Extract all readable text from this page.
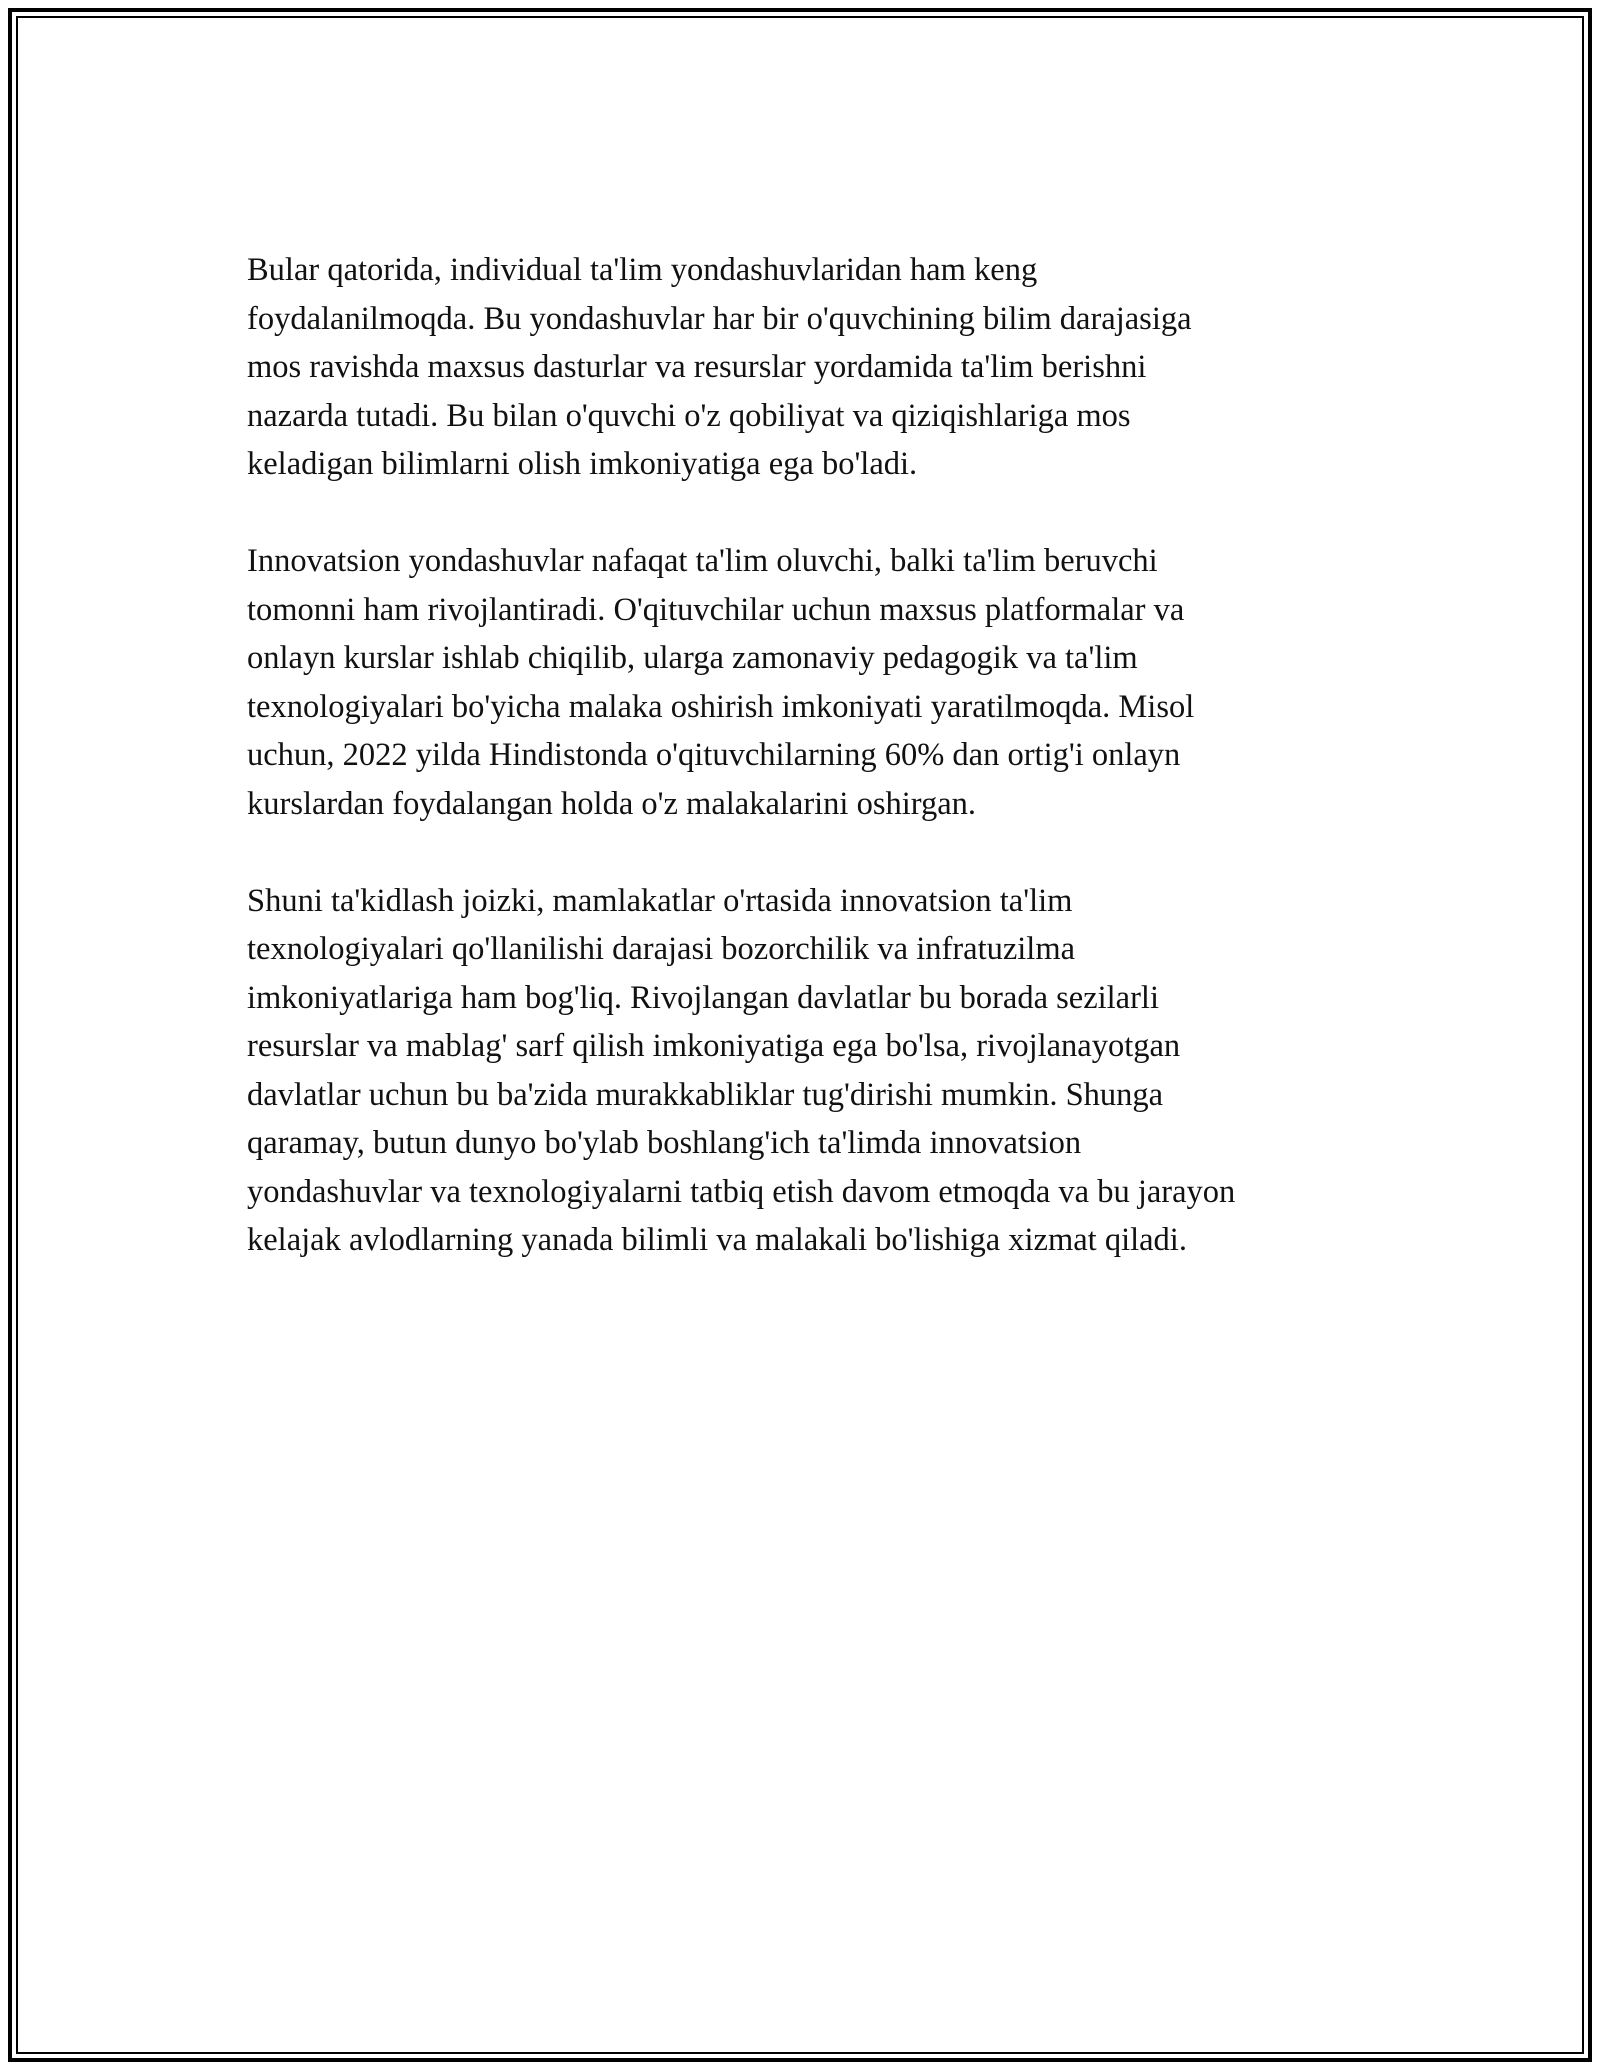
Bular qatorida, individual ta'lim yondashuvlaridan ham keng
foydalanilmoqda. Bu yondashuvlar har bir o'quvchining bilim darajasiga
mos ravishda maxsus dasturlar va resurslar yordamida ta'lim berishni
nazarda tutadi. Bu bilan o'quvchi o'z qobiliyat va qiziqishlariga mos
keladigan bilimlarni olish imkoniyatiga ega bo'ladi.

Innovatsion yondashuvlar nafaqat ta'lim oluvchi, balki ta'lim beruvchi
tomonni ham rivojlantiradi. O'qituvchilar uchun maxsus platformalar va
onlayn kurslar ishlab chiqilib, ularga zamonaviy pedagogik va ta'lim
texnologiyalari bo'yicha malaka oshirish imkoniyati yaratilmoqda. Misol
uchun, 2022 yilda Hindistonda o'qituvchilarning 60% dan ortig'i onlayn
kurslardan foydalangan holda o'z malakalarini oshirgan.

Shuni ta'kidlash joizki, mamlakatlar o'rtasida innovatsion ta'lim
texnologiyalari qo'llanilishi darajasi bozorchilik va infratuzilma
imkoniyatlariga ham bog'liq. Rivojlangan davlatlar bu borada sezilarli
resurslar va mablag' sarf qilish imkoniyatiga ega bo'lsa, rivojlanayotgan
davlatlar uchun bu ba'zida murakkabliklar tug'dirishi mumkin. Shunga
qaramay, butun dunyo bo'ylab boshlang'ich ta'limda innovatsion
yondashuvlar va texnologiyalarni tatbiq etish davom etmoqda va bu jarayon
kelajak avlodlarning yanada bilimli va malakali bo'lishiga xizmat qiladi.
